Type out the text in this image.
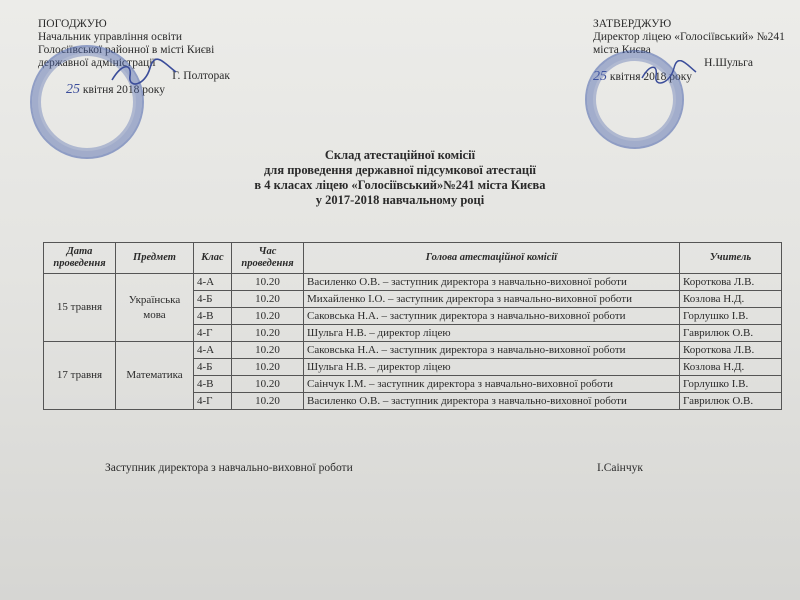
ПОГОДЖУЮ
Начальник управління освіти
Голосіївської районної в місті Києві
державної адміністрації
Г. Полторак
25 квітня 2018 року
ЗАТВЕРДЖУЮ
Директор ліцею «Голосіївський» №241
міста Києва
Н.Шульга
25 квітня 2018 року
Склад атестаційної комісії
для проведення державної підсумкової атестації
в 4 класах ліцею «Голосіївський»№241 міста Києва
у 2017-2018 навчальному році
Дата проведення	Предмет	Клас	Час проведення	Голова атестаційної комісії	Учитель
15 травня	Українська мова	4-А	10.20	Василенко О.В. – заступник директора з навчально-виховної роботи	Короткова Л.В.
		4-Б	10.20	Михайленко І.О. – заступник директора з навчально-виховної роботи	Козлова Н.Д.
		4-В	10.20	Саковська Н.А. – заступник директора з навчально-виховної роботи	Горлушко І.В.
		4-Г	10.20	Шульга Н.В. – директор ліцею	Гаврилюк О.В.
17 травня	Математика	4-А	10.20	Саковська Н.А. – заступник директора з навчально-виховної роботи	Короткова Л.В.
		4-Б	10.20	Шульга Н.В. – директор ліцею	Козлова Н.Д.
		4-В	10.20	Саінчук І.М. – заступник директора з навчально-виховної роботи	Горлушко І.В.
		4-Г	10.20	Василенко О.В. – заступник директора з навчально-виховної роботи	Гаврилюк О.В.
Заступник директора з навчально-виховної роботи	І.Саінчук
